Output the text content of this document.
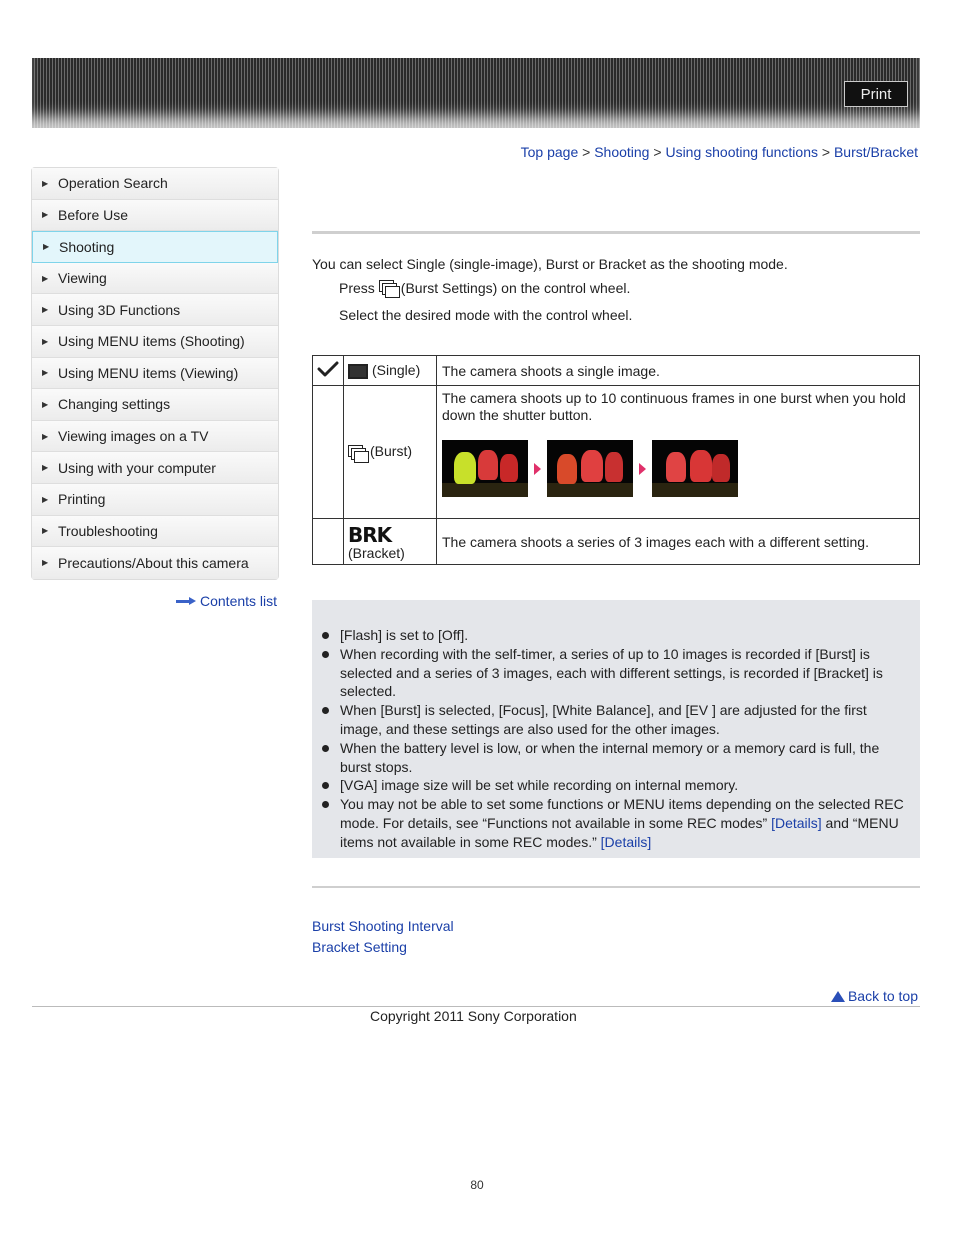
Print
Top page > Shooting > Using shooting functions > Burst/Bracket
▶ Operation Search
▶ Before Use
▶ Shooting
▶ Viewing
▶ Using 3D Functions
▶ Using MENU items (Shooting)
▶ Using MENU items (Viewing)
▶ Changing settings
▶ Viewing images on a TV
▶ Using with your computer
▶ Printing
▶ Troubleshooting
▶ Precautions/About this camera
Contents list
You can select Single (single-image), Burst or Bracket as the shooting mode.
Press (Burst Settings) on the control wheel.
Select the desired mode with the control wheel.
	(Single)	The camera shoots a single image.

(Burst)	The camera shoots up to 10 continuous frames in one burst when you hold down the shutter button.

	BRK
(Bracket)	The camera shoots a series of 3 images each with a different setting.
[Flash] is set to [Off].
When recording with the self-timer, a series of up to 10 images is recorded if [Burst] is selected and a series of 3 images, each with different settings, is recorded if [Bracket] is selected.
When [Burst] is selected, [Focus], [White Balance], and [EV ] are adjusted for the first image, and these settings are also used for the other images.
When the battery level is low, or when the internal memory or a memory card is full, the burst stops.
[VGA] image size will be set while recording on internal memory.
You may not be able to set some functions or MENU items depending on the selected REC mode. For details, see “Functions not available in some REC modes” [Details] and “MENU items not available in some REC modes.” [Details]
Burst Shooting Interval
Bracket Setting
Back to top
Copyright 2011 Sony Corporation
80
